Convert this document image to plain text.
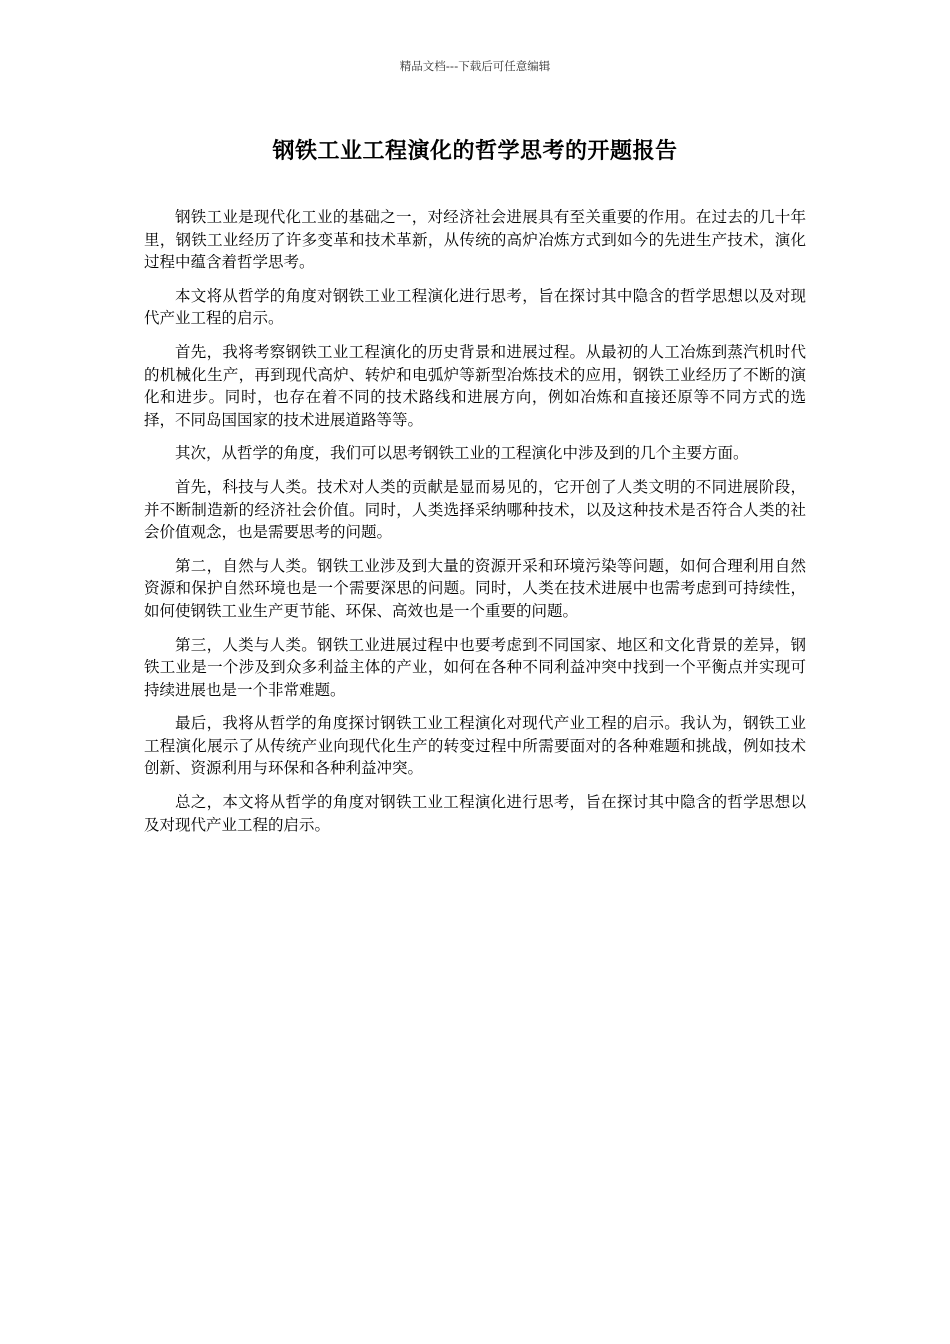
精品文档---下载后可任意编辑
钢铁工业工程演化的哲学思考的开题报告

钢铁工业是现代化工业的基础之一，对经济社会进展具有至关重要的作用。在过去的几十年里，钢铁工业经历了许多变革和技术革新，从传统的高炉冶炼方式到如今的先进生产技术，演化过程中蕴含着哲学思考。

本文将从哲学的角度对钢铁工业工程演化进行思考，旨在探讨其中隐含的哲学思想以及对现代产业工程的启示。

首先，我将考察钢铁工业工程演化的历史背景和进展过程。从最初的人工冶炼到蒸汽机时代的机械化生产，再到现代高炉、转炉和电弧炉等新型冶炼技术的应用，钢铁工业经历了不断的演化和进步。同时，也存在着不同的技术路线和进展方向，例如冶炼和直接还原等不同方式的选择，不同岛国国家的技术进展道路等等。

其次，从哲学的角度，我们可以思考钢铁工业的工程演化中涉及到的几个主要方面。

首先，科技与人类。技术对人类的贡献是显而易见的，它开创了人类文明的不同进展阶段，并不断制造新的经济社会价值。同时，人类选择采纳哪种技术，以及这种技术是否符合人类的社会价值观念，也是需要思考的问题。

第二，自然与人类。钢铁工业涉及到大量的资源开采和环境污染等问题，如何合理利用自然资源和保护自然环境也是一个需要深思的问题。同时，人类在技术进展中也需考虑到可持续性，如何使钢铁工业生产更节能、环保、高效也是一个重要的问题。

第三，人类与人类。钢铁工业进展过程中也要考虑到不同国家、地区和文化背景的差异，钢铁工业是一个涉及到众多利益主体的产业，如何在各种不同利益冲突中找到一个平衡点并实现可持续进展也是一个非常难题。

最后，我将从哲学的角度探讨钢铁工业工程演化对现代产业工程的启示。我认为，钢铁工业工程演化展示了从传统产业向现代化生产的转变过程中所需要面对的各种难题和挑战，例如技术创新、资源利用与环保和各种利益冲突。

总之，本文将从哲学的角度对钢铁工业工程演化进行思考，旨在探讨其中隐含的哲学思想以及对现代产业工程的启示。
